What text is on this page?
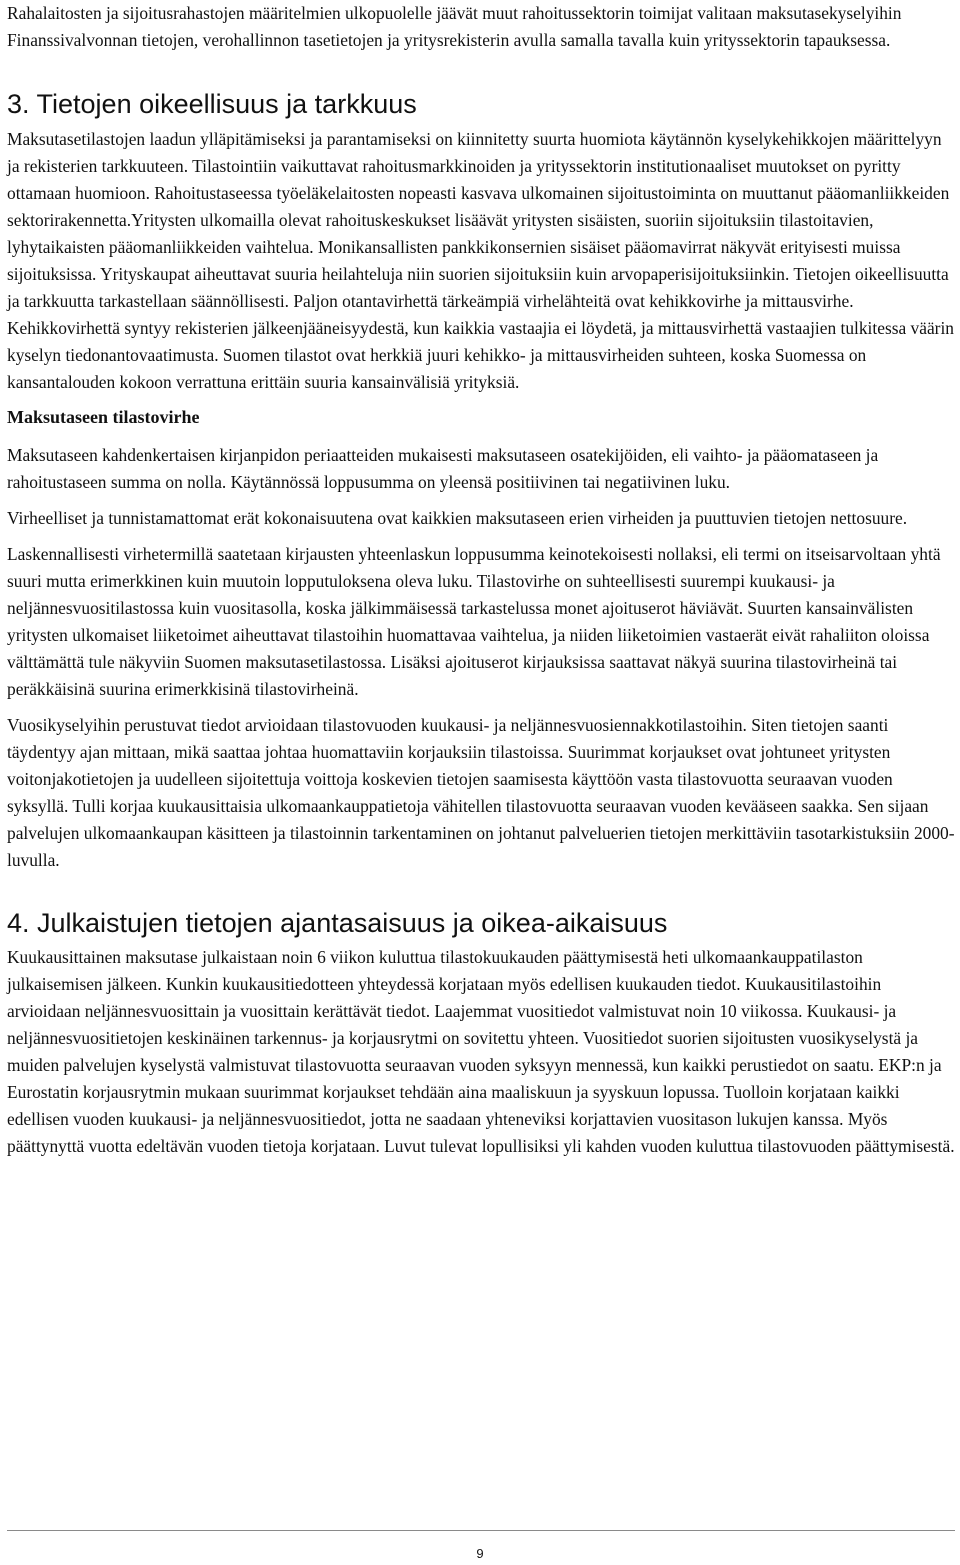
Rahalaitosten ja sijoitusrahastojen määritelmien ulkopuolelle jäävät muut rahoitussektorin toimijat valitaan maksutasekyselyihin Finanssivalvonnan tietojen, verohallinnon tasetietojen ja yritysrekisterin avulla samalla tavalla kuin yrityssektorin tapauksessa.

3. Tietojen oikeellisuus ja tarkkuus

Maksutasetilastojen laadun ylläpitämiseksi ja parantamiseksi on kiinnitetty suurta huomiota käytännön kyselykehikkojen määrittelyyn ja rekisterien tarkkuuteen. Tilastointiin vaikuttavat rahoitusmarkkinoiden ja yrityssektorin institutionaaliset muutokset on pyritty ottamaan huomioon. Rahoitustaseessa työeläkelaitosten nopeasti kasvava ulkomainen sijoitustoiminta on muuttanut pääomanliikkeiden sektorirakennetta.Yritysten ulkomailla olevat rahoituskeskukset lisäävät yritysten sisäisten, suoriin sijoituksiin tilastoitavien, lyhytaikaisten pääomanliikkeiden vaihtelua. Monikansallisten pankkikonsernien sisäiset pääomavirrat näkyvät erityisesti muissa sijoituksissa. Yrityskaupat aiheuttavat suuria heilahteluja niin suorien sijoituksiin kuin arvopaperisijoituksiinkin. Tietojen oikeellisuutta ja tarkkuutta tarkastellaan säännöllisesti. Paljon otantavirhettä tärkeämpiä virhelähteitä ovat kehikkovirhe ja mittausvirhe. Kehikkovirhettä syntyy rekisterien jälkeenjääneisyydestä, kun kaikkia vastaajia ei löydetä, ja mittausvirhettä vastaajien tulkitessa väärin kyselyn tiedonantovaatimusta. Suomen tilastot ovat herkkiä juuri kehikko- ja mittausvirheiden suhteen, koska Suomessa on kansantalouden kokoon verrattuna erittäin suuria kansainvälisiä yrityksiä.

Maksutaseen tilastovirhe

Maksutaseen kahdenkertaisen kirjanpidon periaatteiden mukaisesti maksutaseen osatekijöiden, eli vaihto- ja pääomataseen ja rahoitustaseen summa on nolla. Käytännössä loppusumma on yleensä positiivinen tai negatiivinen luku.

Virheelliset ja tunnistamattomat erät kokonaisuutena ovat kaikkien maksutaseen erien virheiden ja puuttuvien tietojen nettosuure.

Laskennallisesti virhetermillä saatetaan kirjausten yhteenlaskun loppusumma keinotekoisesti nollaksi, eli termi on itseisarvoltaan yhtä suuri mutta erimerkkinen kuin muutoin lopputuloksena oleva luku. Tilastovirhe on suhteellisesti suurempi kuukausi- ja neljännesvuositilastossa kuin vuositasolla, koska jälkimmäisessä tarkastelussa monet ajoituserot häviävät. Suurten kansainvälisten yritysten ulkomaiset liiketoimet aiheuttavat tilastoihin huomattavaa vaihtelua, ja niiden liiketoimien vastaerät eivät rahaliiton oloissa välttämättä tule näkyviin Suomen maksutasetilastossa. Lisäksi ajoituserot kirjauksissa saattavat näkyä suurina tilastovirheinä tai peräkkäisinä suurina erimerkkisinä tilastovirheinä.

Vuosikyselyihin perustuvat tiedot arvioidaan tilastovuoden kuukausi- ja neljännesvuosiennakkotilastoihin. Siten tietojen saanti täydentyy ajan mittaan, mikä saattaa johtaa huomattaviin korjauksiin tilastoissa. Suurimmat korjaukset ovat johtuneet yritysten voitonjakotietojen ja uudelleen sijoitettuja voittoja koskevien tietojen saamisesta käyttöön vasta tilastovuotta seuraavan vuoden syksyllä. Tulli korjaa kuukausittaisia ulkomaankauppatietoja vähitellen tilastovuotta seuraavan vuoden kevääseen saakka. Sen sijaan palvelujen ulkomaankaupan käsitteen ja tilastoinnin tarkentaminen on johtanut palveluerien tietojen merkittäviin tasotarkistuksiin 2000-luvulla.

4. Julkaistujen tietojen ajantasaisuus ja oikea-aikaisuus

Kuukausittainen maksutase julkaistaan noin 6 viikon kuluttua tilastokuukauden päättymisestä heti ulkomaankauppatilaston julkaisemisen jälkeen. Kunkin kuukausitiedotteen yhteydessä korjataan myös edellisen kuukauden tiedot. Kuukausitilastoihin arvioidaan neljännesvuosittain ja vuosittain kerättävät tiedot. Laajemmat vuositiedot valmistuvat noin 10 viikossa. Kuukausi- ja neljännesvuositietojen keskinäinen tarkennus- ja korjausrytmi on sovitettu yhteen. Vuositiedot suorien sijoitusten vuosikyselystä ja muiden palvelujen kyselystä valmistuvat tilastovuotta seuraavan vuoden syksyyn mennessä, kun kaikki perustiedot on saatu. EKP:n ja Eurostatin korjausrytmin mukaan suurimmat korjaukset tehdään aina maaliskuun ja syyskuun lopussa. Tuolloin korjataan kaikki edellisen vuoden kuukausi- ja neljännesvuositiedot, jotta ne saadaan yhteneviksi korjattavien vuositason lukujen kanssa. Myös päättynyttä vuotta edeltävän vuoden tietoja korjataan. Luvut tulevat lopullisiksi yli kahden vuoden kuluttua tilastovuoden päättymisestä.

9
